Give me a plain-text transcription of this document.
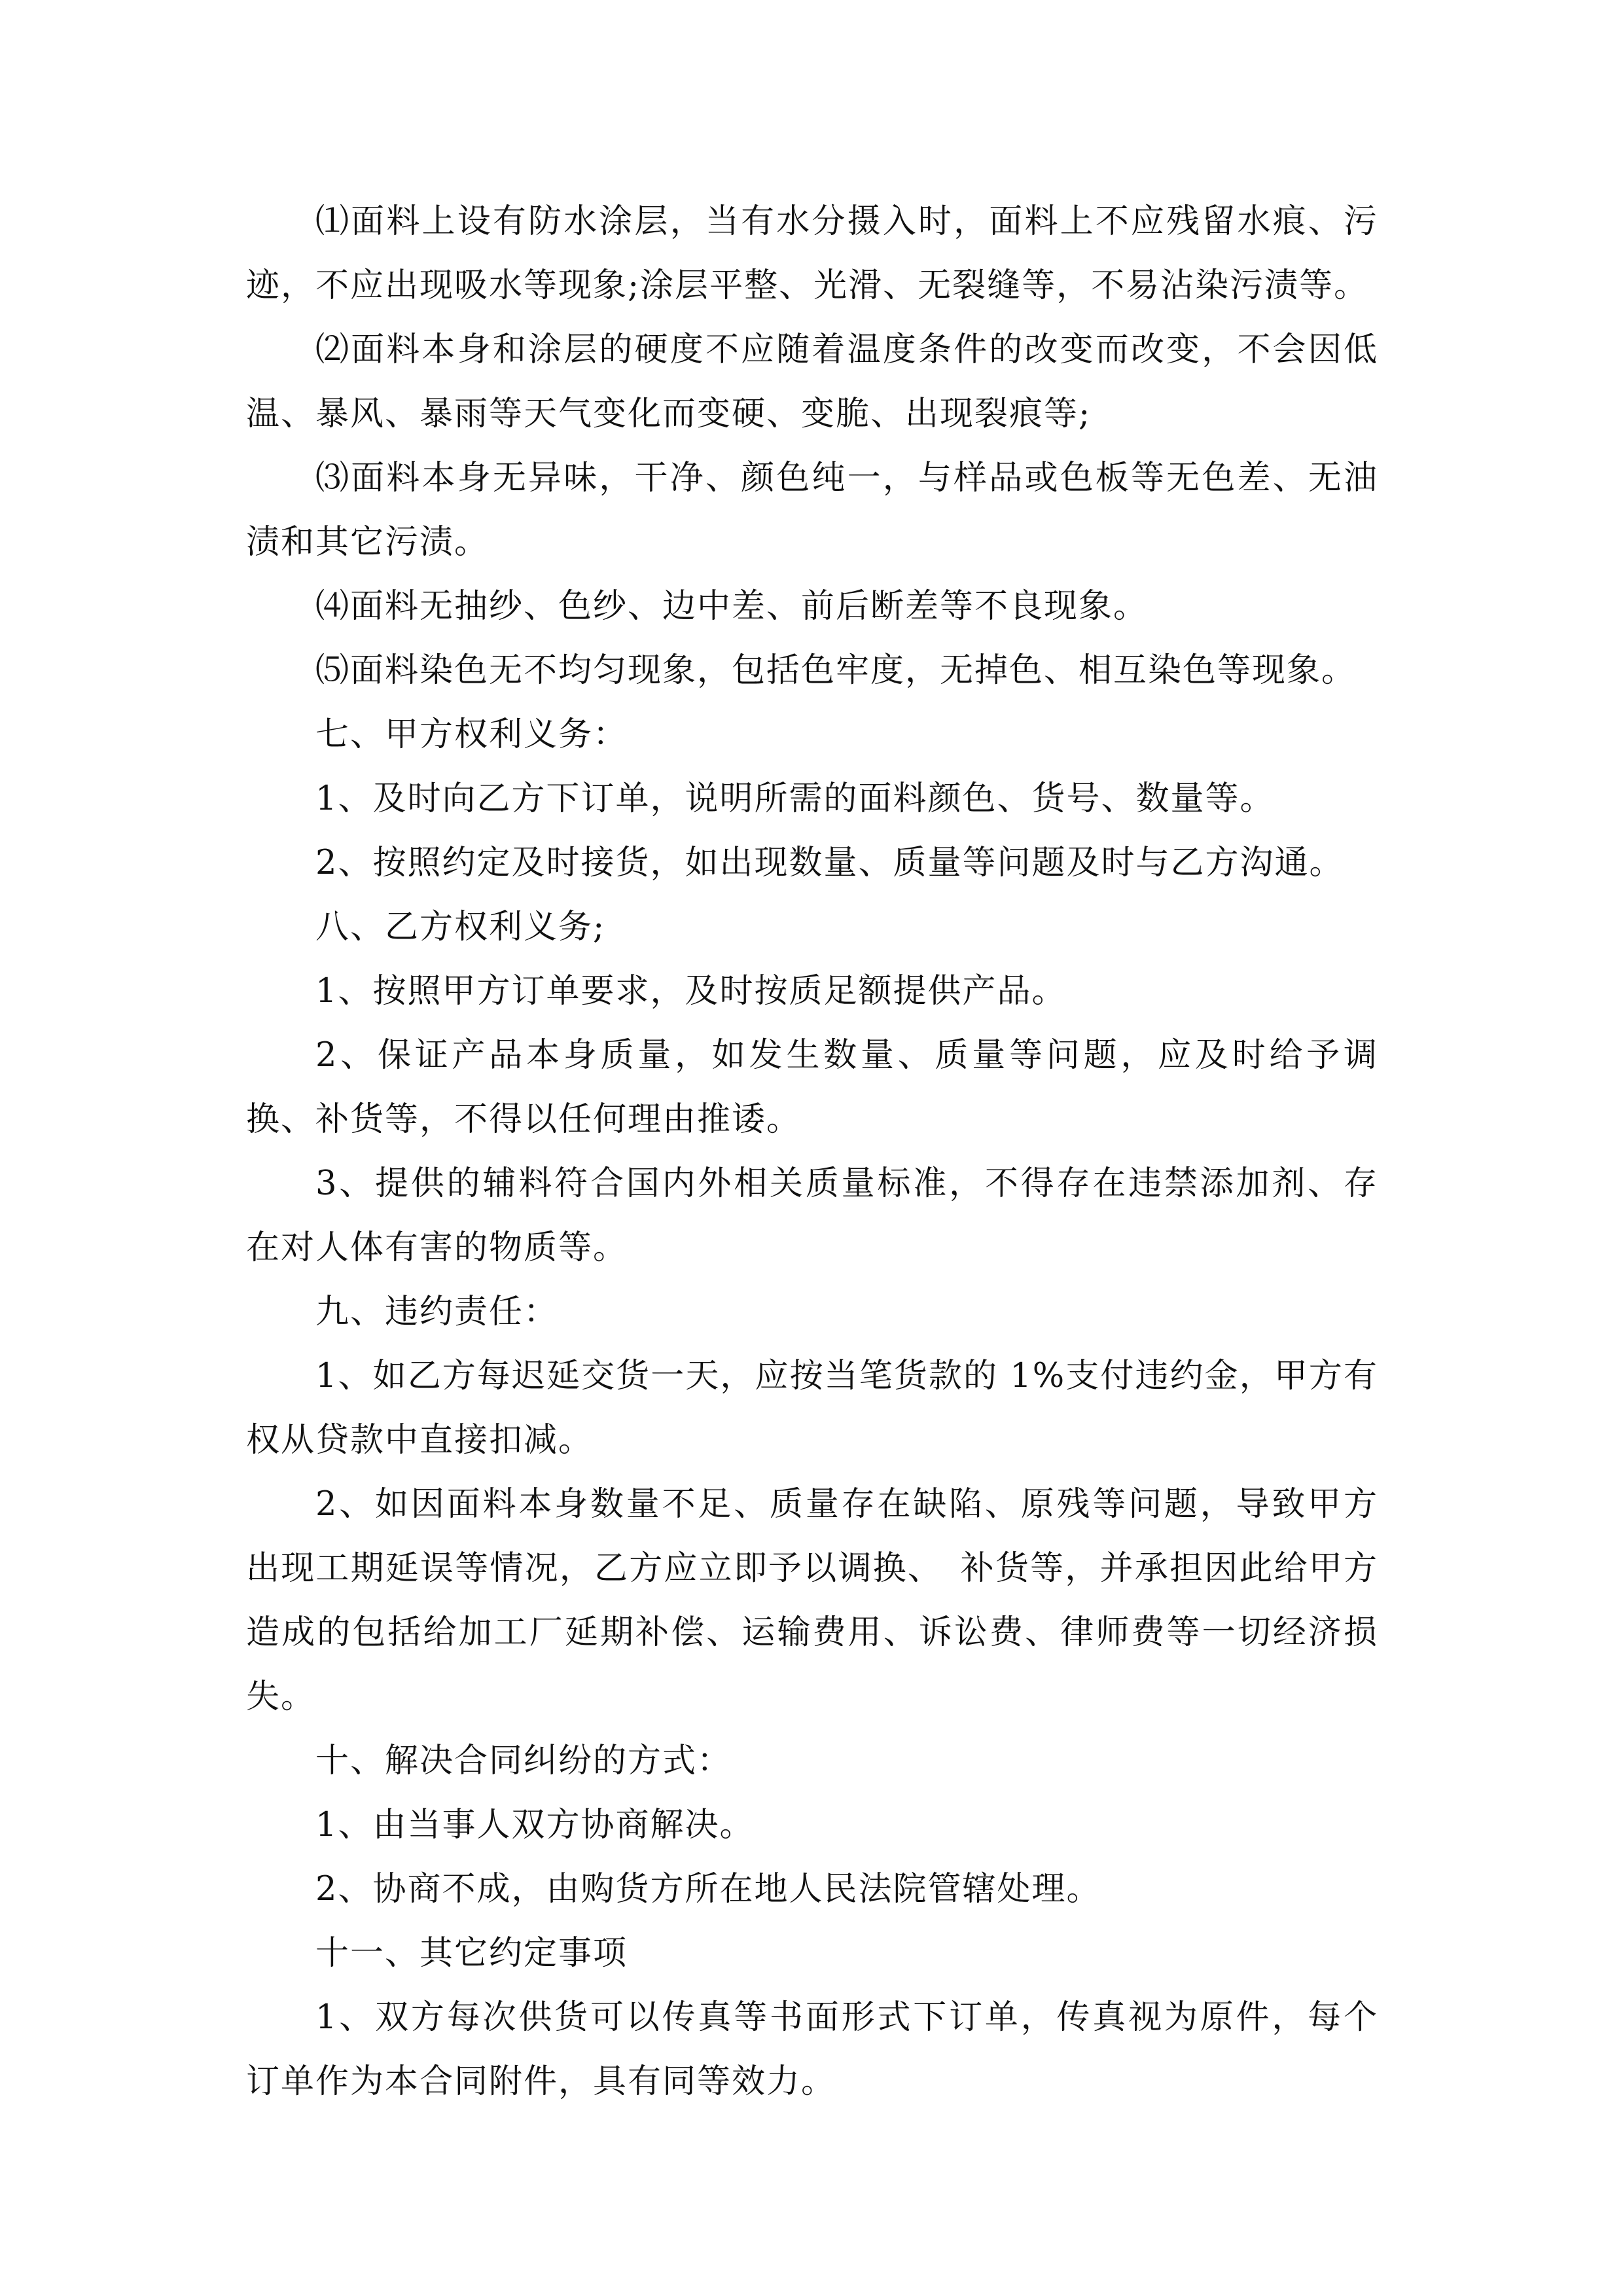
⑴面料上设有防水涂层，当有水分摄入时，面料上不应残留水痕、污迹，不应出现吸水等现象;涂层平整、光滑、无裂缝等，不易沾染污渍等。

⑵面料本身和涂层的硬度不应随着温度条件的改变而改变，不会因低温、暴风、暴雨等天气变化而变硬、变脆、出现裂痕等;

⑶面料本身无异味，干净、颜色纯一，与样品或色板等无色差、无油渍和其它污渍。

⑷面料无抽纱、色纱、边中差、前后断差等不良现象。

⑸面料染色无不均匀现象，包括色牢度，无掉色、相互染色等现象。

七、甲方权利义务：

1、及时向乙方下订单，说明所需的面料颜色、货号、数量等。

2、按照约定及时接货，如出现数量、质量等问题及时与乙方沟通。

八、乙方权利义务;

1、按照甲方订单要求，及时按质足额提供产品。

2、保证产品本身质量，如发生数量、质量等问题，应及时给予调换、补货等，不得以任何理由推诿。

3、提供的辅料符合国内外相关质量标准，不得存在违禁添加剂、存在对人体有害的物质等。

九、违约责任：

1、如乙方每迟延交货一天，应按当笔货款的 1%支付违约金，甲方有权从贷款中直接扣减。

2、如因面料本身数量不足、质量存在缺陷、原残等问题，导致甲方出现工期延误等情况，乙方应立即予以调换、　补货等，并承担因此给甲方造成的包括给加工厂延期补偿、运输费用、诉讼费、律师费等一切经济损失。

十、解决合同纠纷的方式：

1、由当事人双方协商解决。

2、协商不成，由购货方所在地人民法院管辖处理。

十一、其它约定事项

1、双方每次供货可以传真等书面形式下订单，传真视为原件，每个订单作为本合同附件，具有同等效力。
